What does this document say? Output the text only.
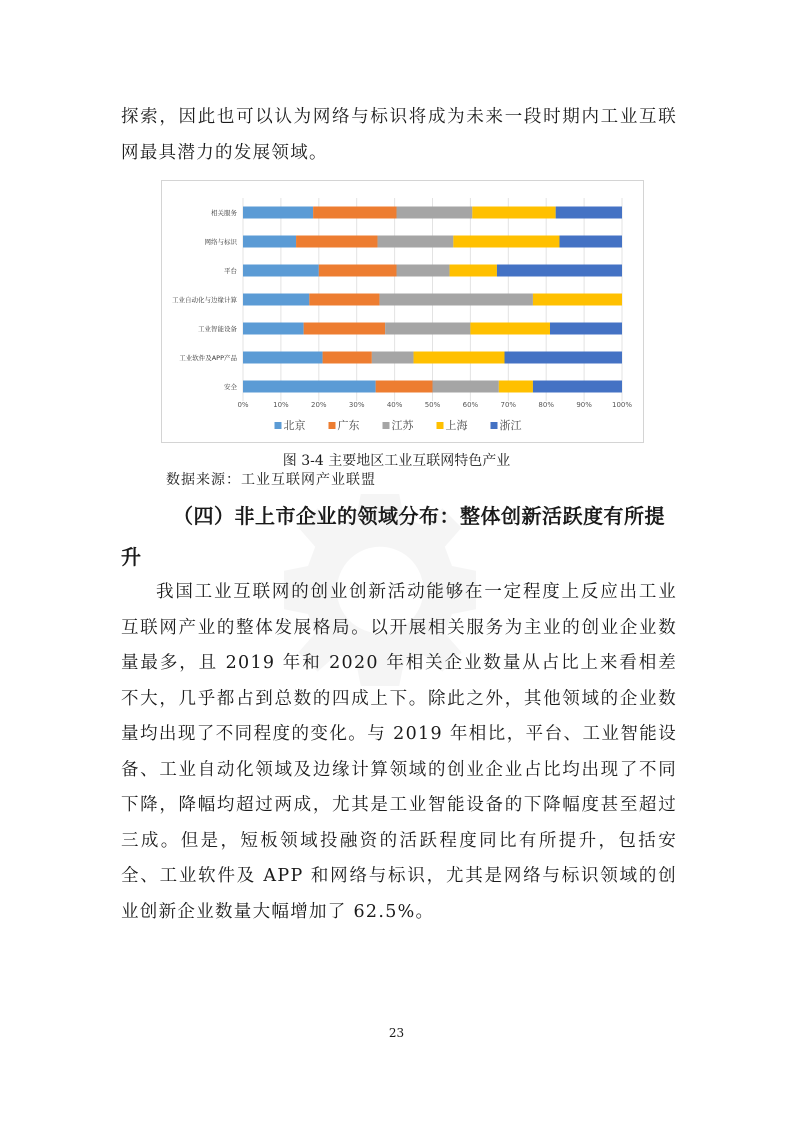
探索，因此也可以认为网络与标识将成为未来一段时期内工业互联网最具潜力的发展领域。

0%	10%	20%	30%	40%	50%	60%	70%	80%	90%	100%
相关服务
网络与标识
平台
工业自动化与边缘计算
工业智能设备
工业软件及APP产品
安全
北京	广东	江苏	上海	浙江
图 3-4 主要地区工业互联网特色产业
数据来源：工业互联网产业联盟

（四）非上市企业的领域分布：整体创新活跃度有所提升

我国工业互联网的创业创新活动能够在一定程度上反应出工业互联网产业的整体发展格局。以开展相关服务为主业的创业企业数量最多，且 2019 年和 2020 年相关企业数量从占比上来看相差不大，几乎都占到总数的四成上下。除此之外，其他领域的企业数量均出现了不同程度的变化。与 2019 年相比，平台、工业智能设备、工业自动化领域及边缘计算领域的创业企业占比均出现了不同下降，降幅均超过两成，尤其是工业智能设备的下降幅度甚至超过三成。但是，短板领域投融资的活跃程度同比有所提升，包括安全、工业软件及 APP 和网络与标识，尤其是网络与标识领域的创业创新企业数量大幅增加了 62.5%。

23
